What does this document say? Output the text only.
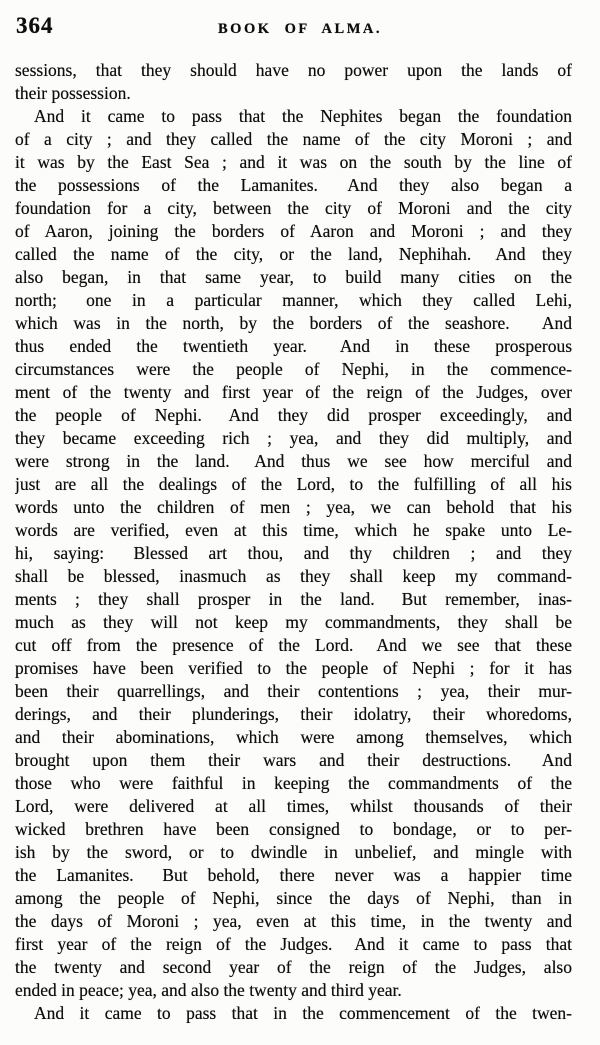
364	BOOK OF ALMA.
sessions, that they should have no power upon the lands of
their possession.
And it came to pass that the Nephites began the foundation
of a city ; and they called the name of the city Moroni ; and
it was by the East Sea ; and it was on the south by the line of
the possessions of the Lamanites.  And they also began a
foundation for a city, between the city of Moroni and the city
of Aaron, joining the borders of Aaron and Moroni ; and they
called the name of the city, or the land, Nephihah.  And they
also began, in that same year, to build many cities on the
north;  one in a particular manner, which they called Lehi,
which was in the north, by the borders of the seashore.   And
thus ended the twentieth year.  And in these prosperous
circumstances were the people of Nephi, in the commence-
ment of the twenty and first year of the reign of the Judges, over
the people of Nephi.  And they did prosper exceedingly, and
they became exceeding rich ; yea, and they did multiply, and
were strong in the land.  And thus we see how merciful and
just are all the dealings of the Lord, to the fulfilling of all his
words unto the children of men ; yea, we can behold that his
words are verified, even at this time, which he spake unto Le-
hi, saying:  Blessed art thou, and thy children ; and they
shall be blessed, inasmuch as they shall keep my command-
ments ; they shall prosper in the land.  But remember, inas-
much as they will not keep my commandments, they shall be
cut off from the presence of the Lord.  And we see that these
promises have been verified to the people of Nephi ; for it has
been their quarrellings, and their contentions ; yea, their mur-
derings, and their plunderings, their idolatry, their whoredoms,
and their abominations, which were among themselves, which
brought upon them their wars and their destructions.  And
those who were faithful in keeping the commandments of the
Lord, were delivered at all times, whilst thousands of their
wicked brethren have been consigned to bondage, or to per-
ish by the sword, or to dwindle in unbelief, and mingle with
the Lamanites.  But behold, there never was a happier time
among the people of Nephi, since the days of Nephi, than in
the days of Moroni ; yea, even at this time, in the twenty and
first year of the reign of the Judges.  And it came to pass that
the twenty and second year of the reign of the Judges, also
ended in peace; yea, and also the twenty and third year.
And it came to pass that in the commencement of the twen-
